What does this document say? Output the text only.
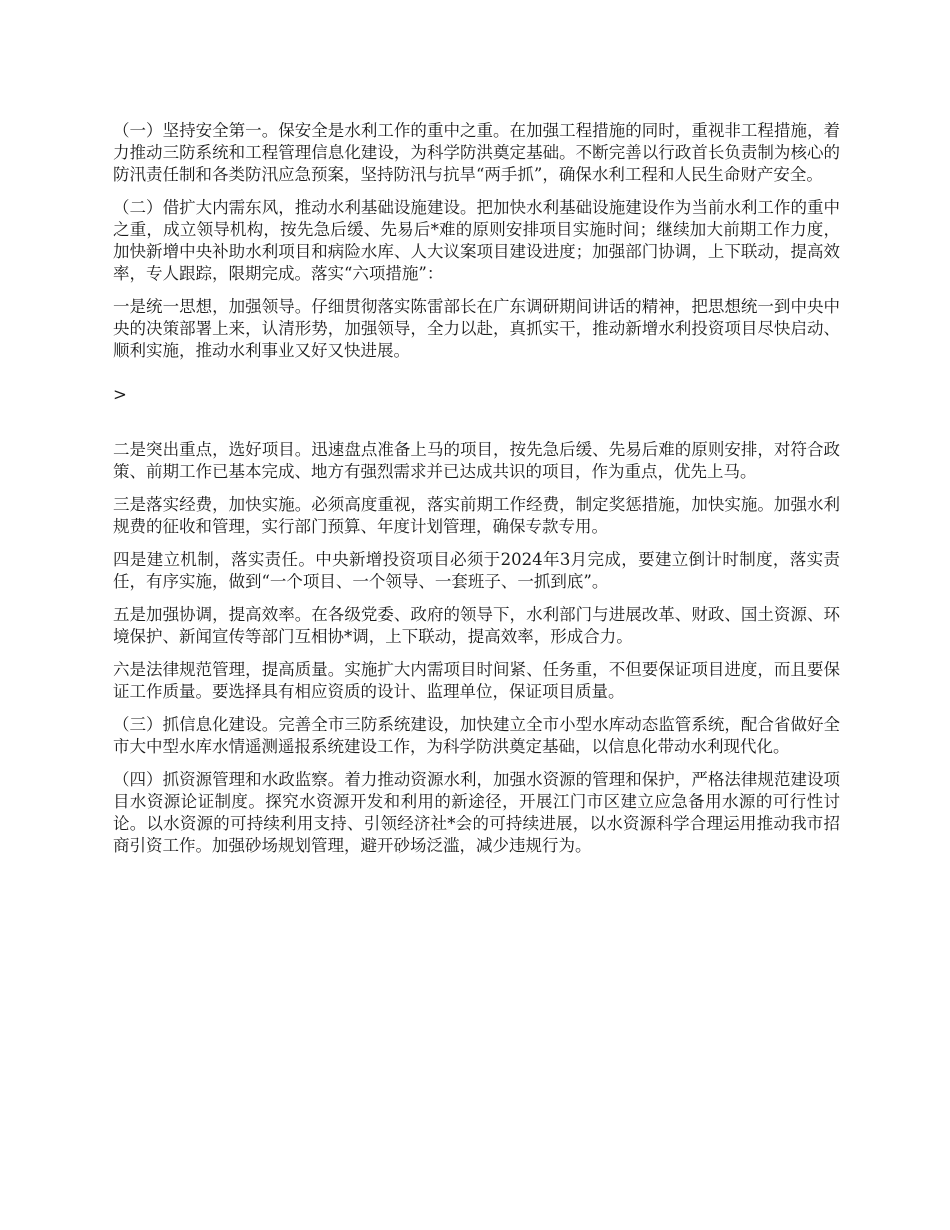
（一）坚持安全第一。保安全是水利工作的重中之重。在加强工程措施的同时，重视非工程措施，着力推动三防系统和工程管理信息化建设，为科学防洪奠定基础。不断完善以行政首长负责制为核心的防汛责任制和各类防汛应急预案，坚持防汛与抗旱“两手抓”，确保水利工程和人民生命财产安全。

（二）借扩大内需东风，推动水利基础设施建设。把加快水利基础设施建设作为当前水利工作的重中之重，成立领导机构，按先急后缓、先易后*难的原则安排项目实施时间；继续加大前期工作力度，加快新增中央补助水利项目和病险水库、人大议案项目建设进度；加强部门协调，上下联动，提高效率，专人跟踪，限期完成。落实“六项措施”：

一是统一思想，加强领导。仔细贯彻落实陈雷部长在广东调研期间讲话的精神，把思想统一到中央中央的决策部署上来，认清形势，加强领导，全力以赴，真抓实干，推动新增水利投资项目尽快启动、顺利实施，推动水利事业又好又快进展。

>

二是突出重点，选好项目。迅速盘点准备上马的项目，按先急后缓、先易后难的原则安排，对符合政策、前期工作已基本完成、地方有强烈需求并已达成共识的项目，作为重点，优先上马。

三是落实经费，加快实施。必须高度重视，落实前期工作经费，制定奖惩措施，加快实施。加强水利规费的征收和管理，实行部门预算、年度计划管理，确保专款专用。

四是建立机制，落实责任。中央新增投资项目必须于2024年3月完成，要建立倒计时制度，落实责任，有序实施，做到“一个项目、一个领导、一套班子、一抓到底”。

五是加强协调，提高效率。在各级党委、政府的领导下，水利部门与进展改革、财政、国土资源、环境保护、新闻宣传等部门互相协*调，上下联动，提高效率，形成合力。

六是法律规范管理，提高质量。实施扩大内需项目时间紧、任务重，不但要保证项目进度，而且要保证工作质量。要选择具有相应资质的设计、监理单位，保证项目质量。

（三）抓信息化建设。完善全市三防系统建设，加快建立全市小型水库动态监管系统，配合省做好全市大中型水库水情遥测遥报系统建设工作，为科学防洪奠定基础，以信息化带动水利现代化。

（四）抓资源管理和水政监察。着力推动资源水利，加强水资源的管理和保护，严格法律规范建设项目水资源论证制度。探究水资源开发和利用的新途径，开展江门市区建立应急备用水源的可行性讨论。以水资源的可持续利用支持、引领经济社*会的可持续进展，以水资源科学合理运用推动我市招商引资工作。加强砂场规划管理，避开砂场泛滥，减少违规行为。
